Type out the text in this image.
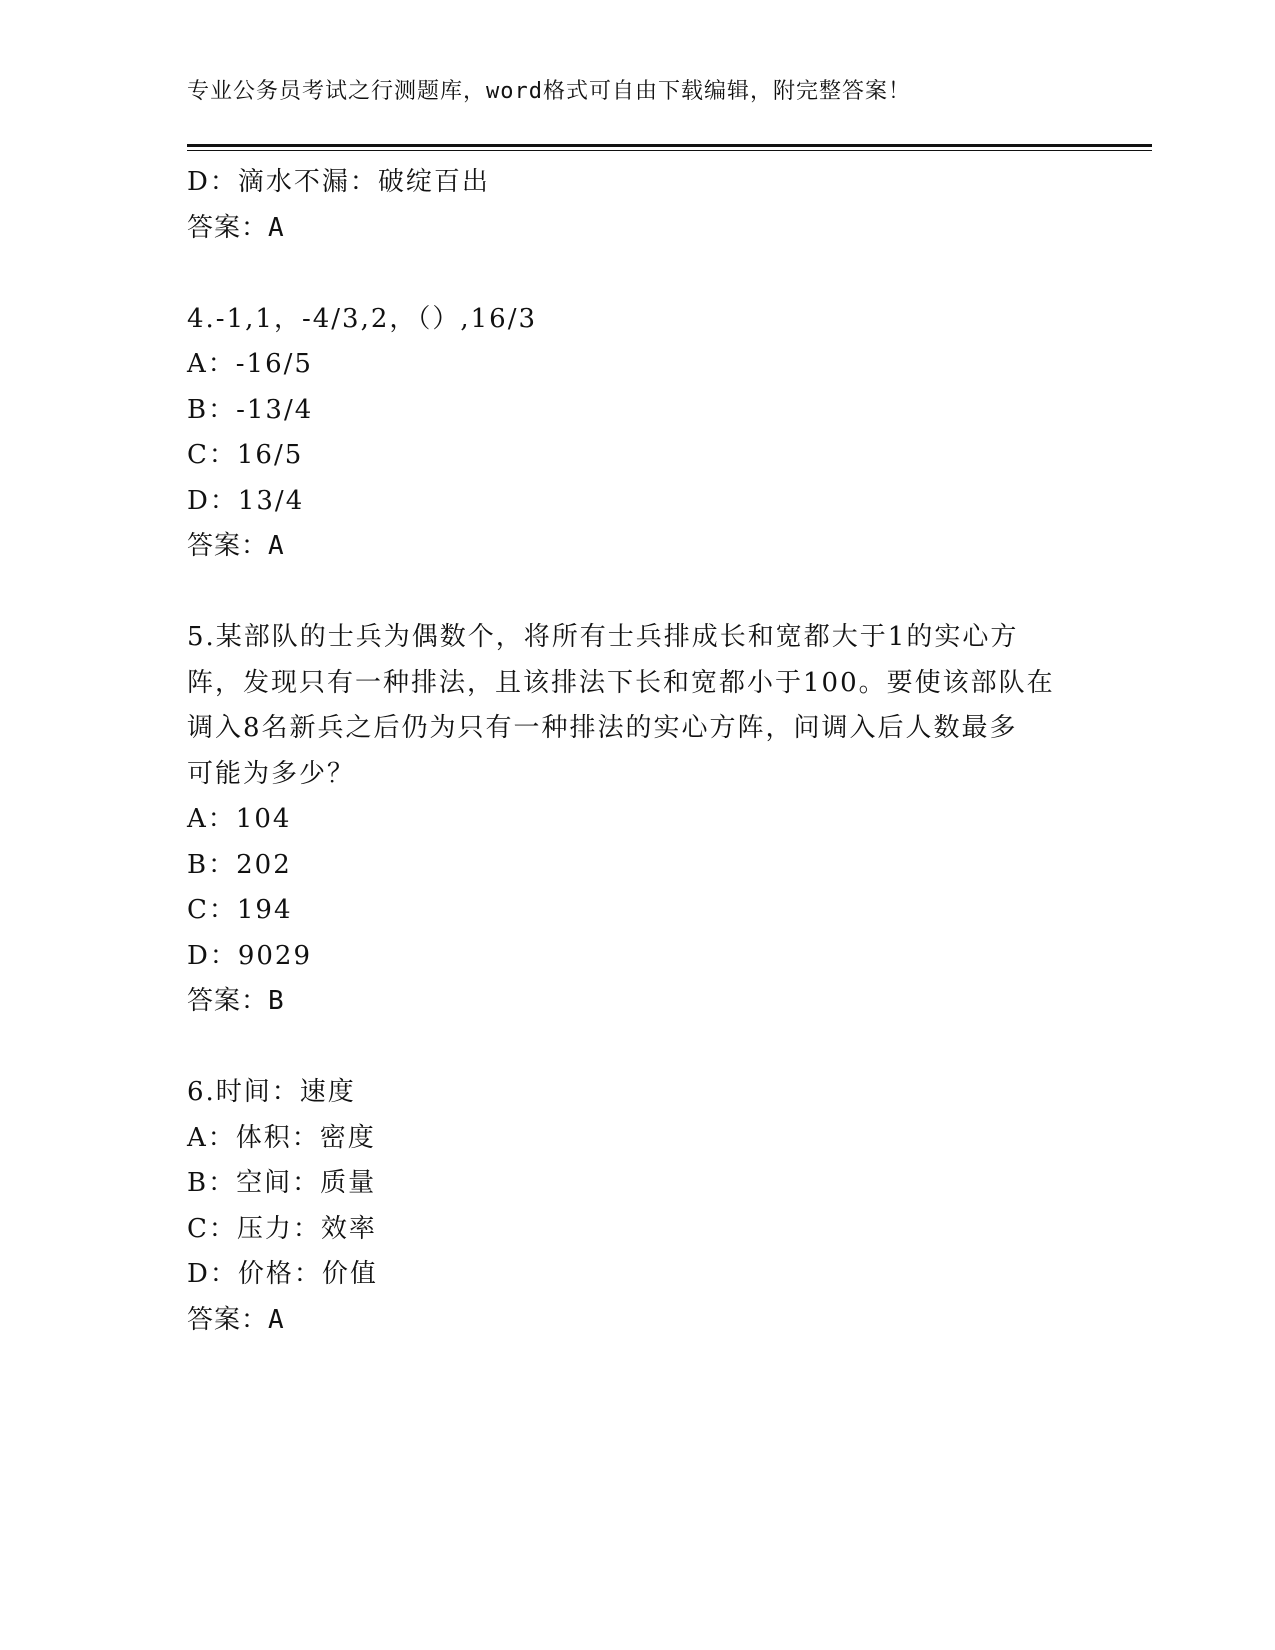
专业公务员考试之行测题库，word格式可自由下载编辑，附完整答案！
D：滴水不漏：破绽百出
答案：A
4.-1,1，-4/3,2，（）,16/3
A：-16/5
B：-13/4
C：16/5
D：13/4
答案：A
5.某部队的士兵为偶数个，将所有士兵排成长和宽都大于1的实心方
阵，发现只有一种排法，且该排法下长和宽都小于100。要使该部队在
调入8名新兵之后仍为只有一种排法的实心方阵，问调入后人数最多
可能为多少？
A：104
B：202
C：194
D：9029
答案：B
6.时间：速度
A：体积：密度
B：空间：质量
C：压力：效率
D：价格：价值
答案：A
